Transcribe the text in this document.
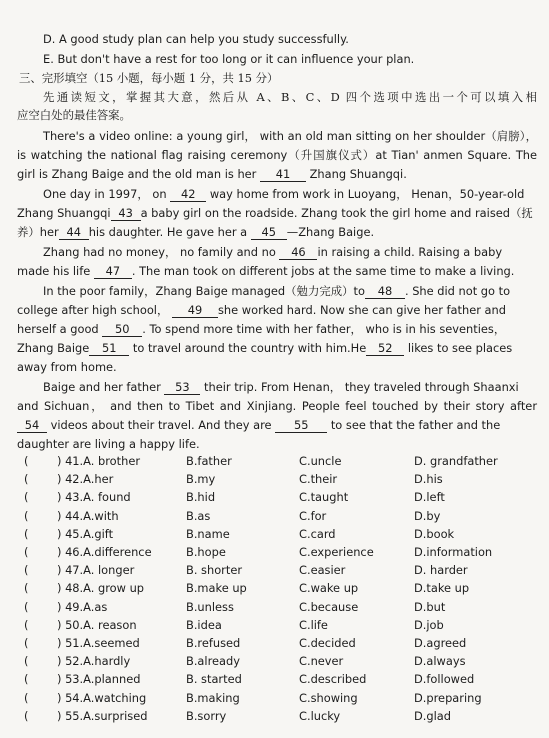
D. A good study plan can help you study successfully.
E. But don't have a rest for too long or it can influence your plan.
三、完形填空（15 小题，每小题 1 分，共 15 分）
先通读短文，掌握其大意，然后从 A、B、C、D 四个选项中选出一个可以填入相
应空白处的最佳答案。
There's a video online: a young girl， with an old man sitting on her shoulder（肩膀），
is watching the national flag raising ceremony（升国旗仪式）at Tian' anmen Square. The
girl is Zhang Baige and the old man is her 41 Zhang Shuangqi.
One day in 1997， on 42 way home from work in Luoyang， Henan，50-year-old
Zhang Shuangqi 43 a baby girl on the roadside. Zhang took the girl home and raised（抚
养）her 44 his daughter. He gave her a 45 —Zhang Baige.
Zhang had no money， no family and no 46 in raising a child. Raising a baby
made his life 47 . The man took on different jobs at the same time to make a living.
In the poor family，Zhang Baige managed（勉力完成）to 48 . She did not go to
college after high school， 49 she worked hard. Now she can give her father and
herself a good 50 . To spend more time with her father， who is in his seventies，
Zhang Baige 51 to travel around the country with him.He 52 likes to see places
away from home.
Baige and her father 53 their trip. From Henan， they traveled through Shaanxi
and Sichuan， and then to Tibet and Xinjiang. People feel touched by their story after
54 videos about their travel. And they are 55 to see that the father and the
daughter are living a happy life.
(	) 41.A. brother	B.father	C.uncle	D. grandfather
(	) 42.A.her	B.my	C.their	D.his
(	) 43.A. found	B.hid	C.taught	D.left
(	) 44.A.with	B.as	C.for	D.by
(	) 45.A.gift	B.name	C.card	D.book
(	) 46.A.difference	B.hope	C.experience	D.information
(	) 47.A. longer	B. shorter	C.easier	D. harder
(	) 48.A. grow up	B.make up	C.wake up	D.take up
(	) 49.A.as	B.unless	C.because	D.but
(	) 50.A. reason	B.idea	C.life	D.job
(	) 51.A.seemed	B.refused	C.decided	D.agreed
(	) 52.A.hardly	B.already	C.never	D.always
(	) 53.A.planned	B. started	C.described	D.followed
(	) 54.A.watching	B.making	C.showing	D.preparing
(	) 55.A.surprised	B.sorry	C.lucky	D.glad
